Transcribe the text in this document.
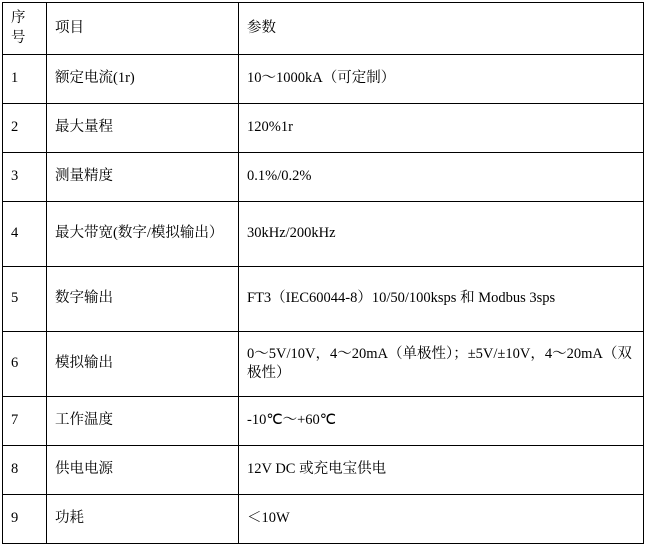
序号	项目	参数
1	额定电流(1r)	10～1000kA（可定制）
2	最大量程	120%1r
3	测量精度	0.1%/0.2%
4	最大带宽(数字/模拟输出）	30kHz/200kHz
5	数字输出	FT3（IEC60044-8）10/50/100ksps 和 Modbus 3sps
6	模拟输出	0～5V/10V，4～20mA（单极性）；±5V/±10V，4～20mA（双极性）
7	工作温度	-10℃～+60℃
8	供电电源	12V DC 或充电宝供电
9	功耗	＜10W
